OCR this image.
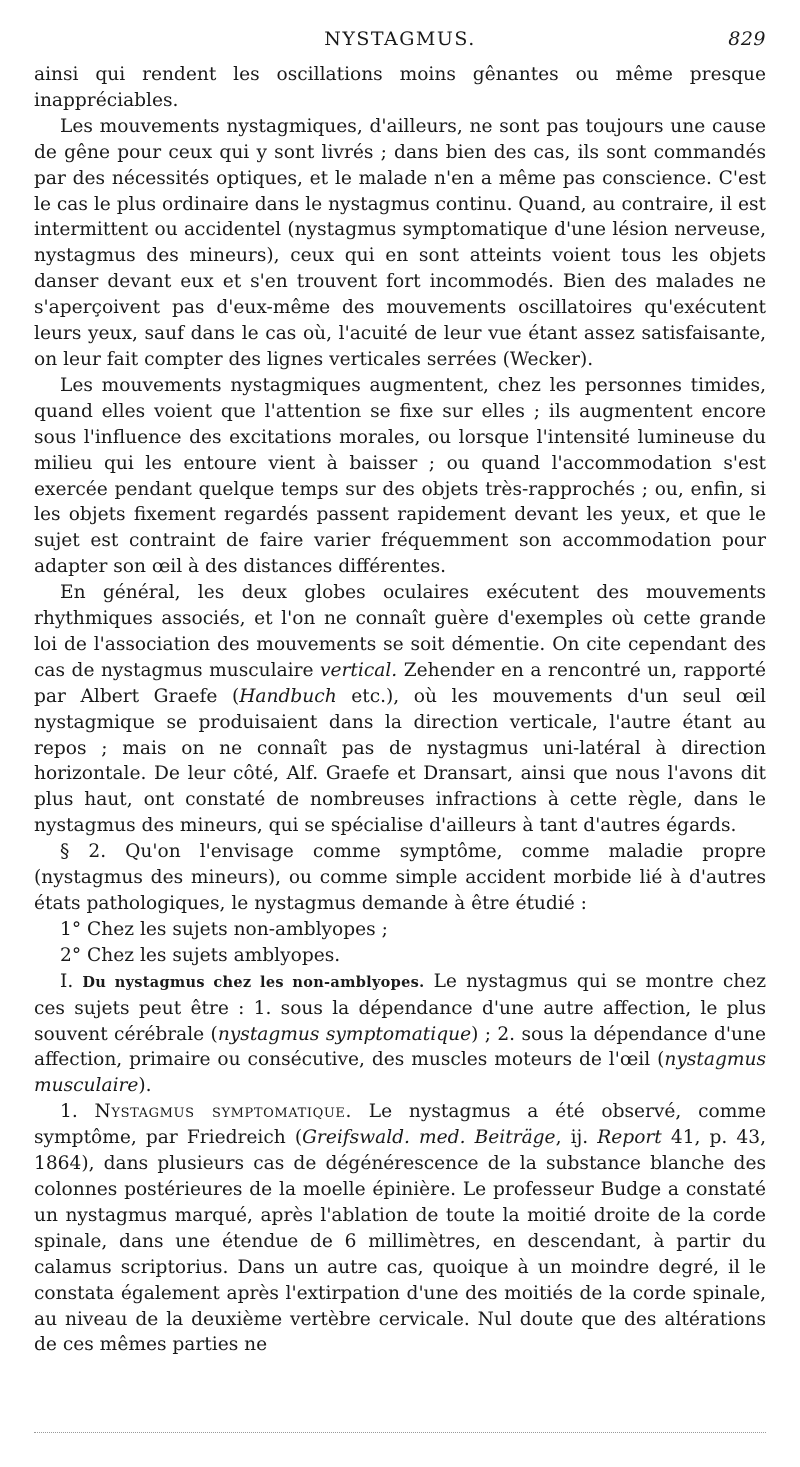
NYSTAGMUS.	829

ainsi qui rendent les oscillations moins gênantes ou même presque inappréciables.

Les mouvements nystagmiques, d'ailleurs, ne sont pas toujours une cause de gêne pour ceux qui y sont livrés ; dans bien des cas, ils sont commandés par des nécessités optiques, et le malade n'en a même pas conscience. C'est le cas le plus ordinaire dans le nystagmus continu. Quand, au contraire, il est intermittent ou accidentel (nystagmus symptomatique d'une lésion nerveuse, nystagmus des mineurs), ceux qui en sont atteints voient tous les objets danser devant eux et s'en trouvent fort incommodés. Bien des malades ne s'aperçoivent pas d'eux-même des mouvements oscillatoires qu'exécutent leurs yeux, sauf dans le cas où, l'acuité de leur vue étant assez satisfaisante, on leur fait compter des lignes verticales serrées (Wecker).

Les mouvements nystagmiques augmentent, chez les personnes timides, quand elles voient que l'attention se fixe sur elles ; ils augmentent encore sous l'influence des excitations morales, ou lorsque l'intensité lumineuse du milieu qui les entoure vient à baisser ; ou quand l'accommodation s'est exercée pendant quelque temps sur des objets très-rapprochés ; ou, enfin, si les objets fixement regardés passent rapidement devant les yeux, et que le sujet est contraint de faire varier fréquemment son accommodation pour adapter son œil à des distances différentes.

En général, les deux globes oculaires exécutent des mouvements rhythmiques associés, et l'on ne connaît guère d'exemples où cette grande loi de l'association des mouvements se soit démentie. On cite cependant des cas de nystagmus musculaire vertical. Zehender en a rencontré un, rapporté par Albert Graefe (Handbuch etc.), où les mouvements d'un seul œil nystagmique se produisaient dans la direction verticale, l'autre étant au repos ; mais on ne connaît pas de nystagmus uni-latéral à direction horizontale. De leur côté, Alf. Graefe et Dransart, ainsi que nous l'avons dit plus haut, ont constaté de nombreuses infractions à cette règle, dans le nystagmus des mineurs, qui se spécialise d'ailleurs à tant d'autres égards.

§ 2. Qu'on l'envisage comme symptôme, comme maladie propre (nystagmus des mineurs), ou comme simple accident morbide lié à d'autres états pathologiques, le nystagmus demande à être étudié :

1° Chez les sujets non-amblyopes ;

2° Chez les sujets amblyopes.

I. Du nystagmus chez les non-amblyopes. Le nystagmus qui se montre chez ces sujets peut être : 1. sous la dépendance d'une autre affection, le plus souvent cérébrale (nystagmus symptomatique) ; 2. sous la dépendance d'une affection, primaire ou consécutive, des muscles moteurs de l'œil (nystagmus musculaire).

1. Nystagmus symptomatique. Le nystagmus a été observé, comme symptôme, par Friedreich (Greifswald. med. Beiträge, ij. Report 41, p. 43, 1864), dans plusieurs cas de dégénérescence de la substance blanche des colonnes postérieures de la moelle épinière. Le professeur Budge a constaté un nystagmus marqué, après l'ablation de toute la moitié droite de la corde spinale, dans une étendue de 6 millimètres, en descendant, à partir du calamus scriptorius. Dans un autre cas, quoique à un moindre degré, il le constata également après l'extirpation d'une des moitiés de la corde spinale, au niveau de la deuxième vertèbre cervicale. Nul doute que des altérations de ces mêmes parties ne
